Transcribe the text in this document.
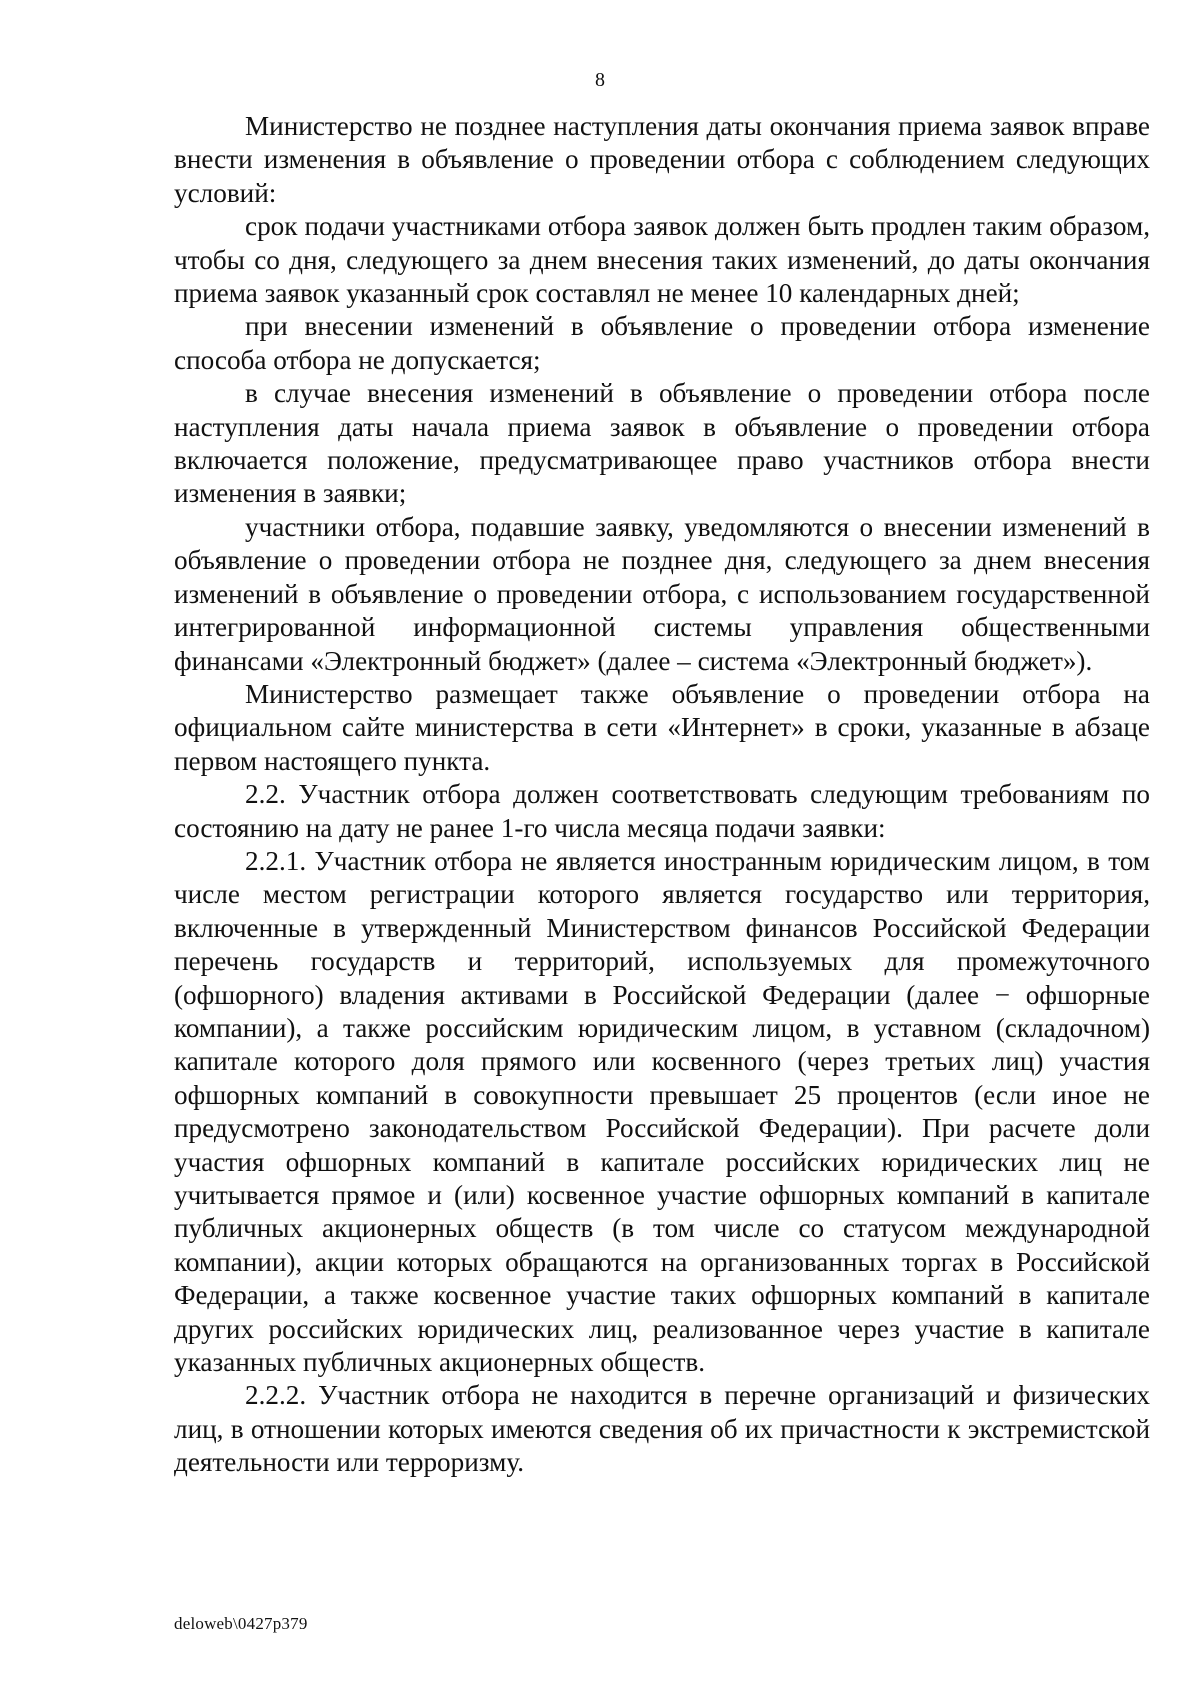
8

Министерство не позднее наступления даты окончания приема заявок вправе внести изменения в объявление о проведении отбора с соблюдением следующих условий:

срок подачи участниками отбора заявок должен быть продлен таким образом, чтобы со дня, следующего за днем внесения таких изменений, до даты окончания приема заявок указанный срок составлял не менее 10 календарных дней;

при внесении изменений в объявление о проведении отбора изменение способа отбора не допускается;

в случае внесения изменений в объявление о проведении отбора после наступления даты начала приема заявок в объявление о проведении отбора включается положение, предусматривающее право участников отбора внести изменения в заявки;

участники отбора, подавшие заявку, уведомляются о внесении изменений в объявление о проведении отбора не позднее дня, следующего за днем внесения изменений в объявление о проведении отбора, с использованием государственной интегрированной информационной системы управления общественными финансами «Электронный бюджет» (далее – система «Электронный бюджет»).

Министерство размещает также объявление о проведении отбора на официальном сайте министерства в сети «Интернет» в сроки, указанные в абзаце первом настоящего пункта.

2.2. Участник отбора должен соответствовать следующим требованиям по состоянию на дату не ранее 1-го числа месяца подачи заявки:

2.2.1. Участник отбора не является иностранным юридическим лицом, в том числе местом регистрации которого является государство или территория, включенные в утвержденный Министерством финансов Российской Федерации перечень государств и территорий, используемых для промежуточного (офшорного) владения активами в Российской Федерации (далее − офшорные компании), а также российским юридическим лицом, в уставном (складочном) капитале которого доля прямого или косвенного (через третьих лиц) участия офшорных компаний в совокупности превышает 25 процентов (если иное не предусмотрено законодательством Российской Федерации). При расчете доли участия офшорных компаний в капитале российских юридических лиц не учитывается прямое и (или) косвенное участие офшорных компаний в капитале публичных акционерных обществ (в том числе со статусом международной компании), акции которых обращаются на организованных торгах в Российской Федерации, а также косвенное участие таких офшорных компаний в капитале других российских юридических лиц, реализованное через участие в капитале указанных публичных акционерных обществ.

2.2.2. Участник отбора не находится в перечне организаций и физических лиц, в отношении которых имеются сведения об их причастности к экстремистской деятельности или терроризму.

deloweb\0427p379
